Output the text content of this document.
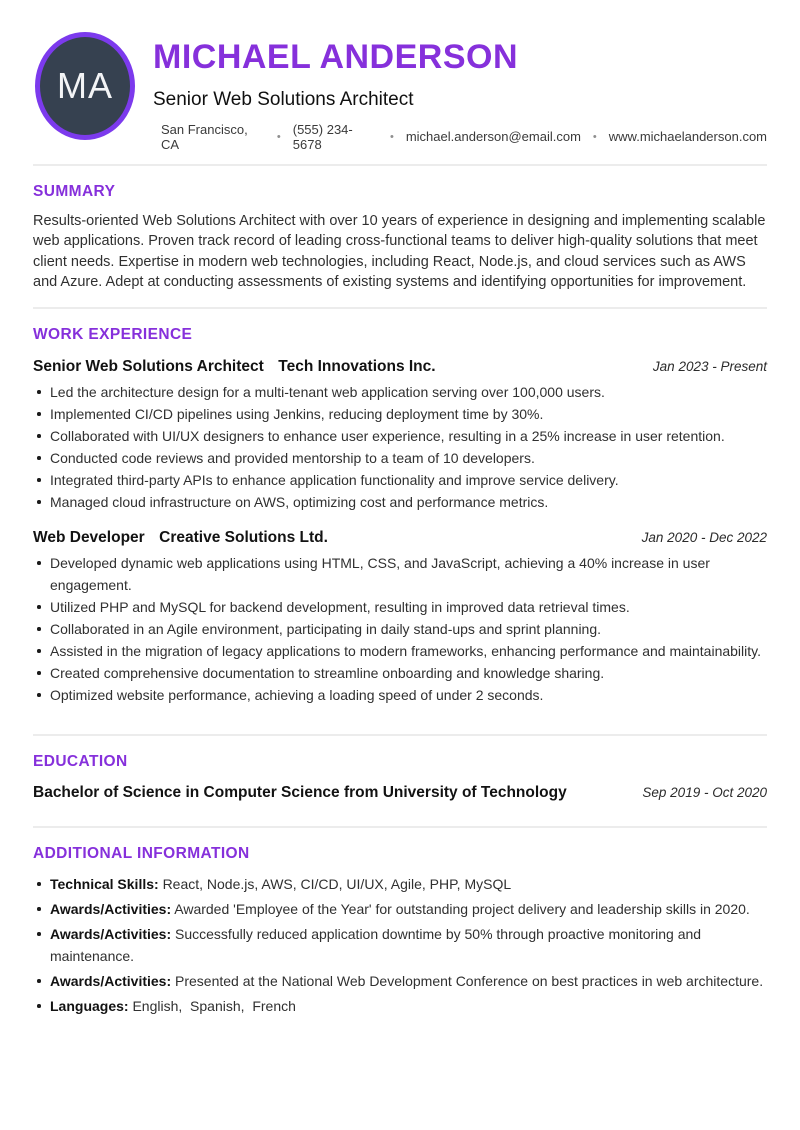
MA
MICHAEL ANDERSON
Senior Web Solutions Architect
San Francisco, CA	• (555) 234-5678	• michael.anderson@email.com • www.michaelanderson.com
SUMMARY

Results-oriented Web Solutions Architect with over 10 years of experience in designing and implementing scalable web applications. Proven track record of leading cross-functional teams to deliver high-quality solutions that meet client needs. Expertise in modern web technologies, including React, Node.js, and cloud services such as AWS and Azure. Adept at conducting assessments of existing systems and identifying opportunities for improvement.

WORK EXPERIENCE
Senior Web Solutions Architect Tech Innovations Inc.	Jan 2023 - Present
Led the architecture design for a multi-tenant web application serving over 100,000 users.
Implemented CI/CD pipelines using Jenkins, reducing deployment time by 30%.
Collaborated with UI/UX designers to enhance user experience, resulting in a 25% increase in user retention.
Conducted code reviews and provided mentorship to a team of 10 developers.
Integrated third-party APIs to enhance application functionality and improve service delivery.
Managed cloud infrastructure on AWS, optimizing cost and performance metrics.
Web Developer Creative Solutions Ltd.	Jan 2020 - Dec 2022
Developed dynamic web applications using HTML, CSS, and JavaScript, achieving a 40% increase in user engagement.
Utilized PHP and MySQL for backend development, resulting in improved data retrieval times.
Collaborated in an Agile environment, participating in daily stand-ups and sprint planning.
Assisted in the migration of legacy applications to modern frameworks, enhancing performance and maintainability.
Created comprehensive documentation to streamline onboarding and knowledge sharing.
Optimized website performance, achieving a loading speed of under 2 seconds.
EDUCATION
Bachelor of Science in Computer Science from University of Technology	Sep 2019 - Oct 2020
ADDITIONAL INFORMATION
Technical Skills: React, Node.js, AWS, CI/CD, UI/UX, Agile, PHP, MySQL
Awards/Activities: Awarded 'Employee of the Year' for outstanding project delivery and leadership skills in 2020.
Awards/Activities: Successfully reduced application downtime by 50% through proactive monitoring and maintenance.
Awards/Activities: Presented at the National Web Development Conference on best practices in web architecture.
Languages: English,  Spanish,  French
